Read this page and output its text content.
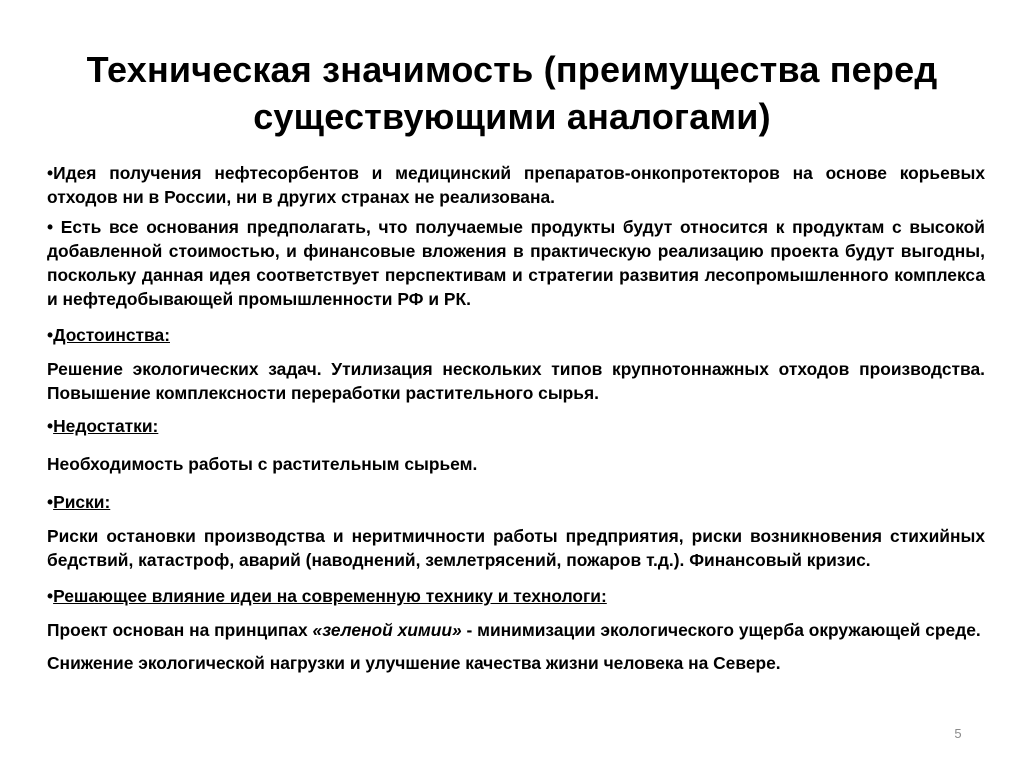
Техническая значимость (преимущества перед
существующими аналогами)

•Идея получения нефтесорбентов и медицинский препаратов-онкопротекторов на основе корьевых отходов ни в России, ни в других странах не реализована.

• Есть все основания предполагать, что получаемые продукты будут относится к продуктам с высокой добавленной стоимостью, и финансовые вложения в практическую реализацию проекта будут выгодны, поскольку данная идея соответствует перспективам и стратегии развития лесопромышленного комплекса и нефтедобывающей промышленности РФ и РК.

•Достоинства:

Решение экологических задач. Утилизация нескольких типов крупнотоннажных отходов производства. Повышение комплексности переработки растительного сырья.

•Недостатки:

Необходимость работы с растительным сырьем.

•Риски:

Риски остановки производства и неритмичности работы предприятия, риски возникновения стихийных бедствий, катастроф, аварий (наводнений, землетрясений, пожаров т.д.). Финансовый кризис.

•Решающее влияние идеи на современную технику и технологи:

Проект основан на принципах «зеленой химии» - минимизации экологического ущерба окружающей среде.

Снижение экологической нагрузки и улучшение качества жизни человека на Севере.

5
